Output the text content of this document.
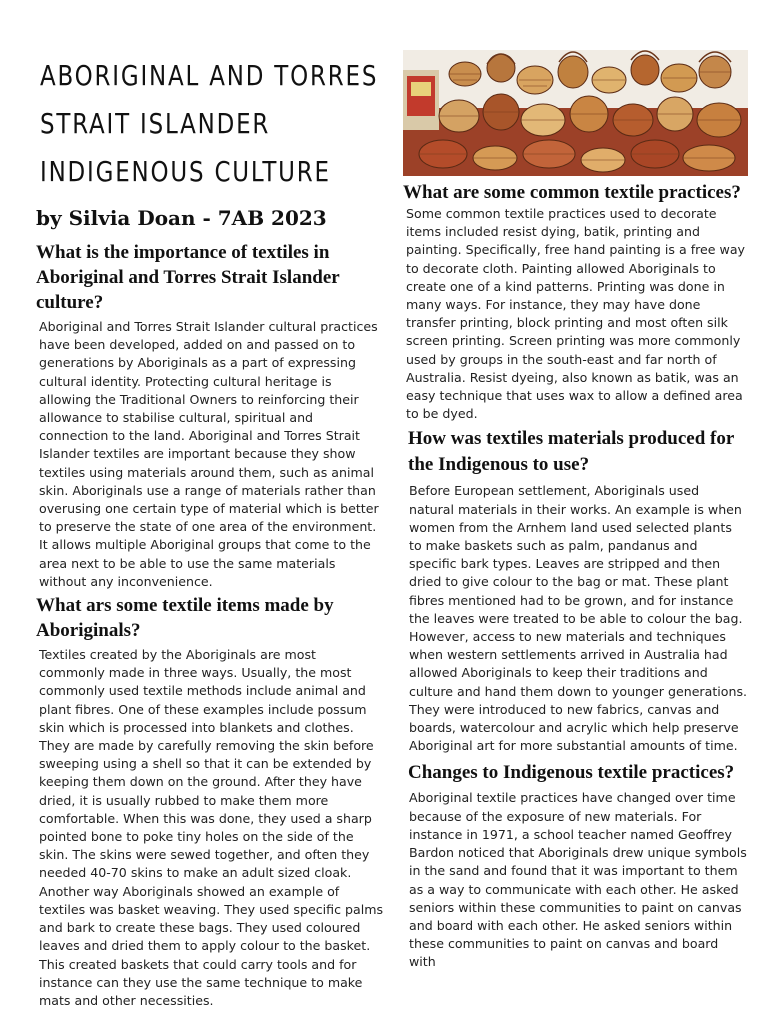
ABORIGINAL AND TORRES
STRAIT ISLANDER
INDIGENOUS CULTURE
by Silvia Doan - 7AB 2023
What is the importance of textiles in Aboriginal and Torres Strait Islander culture?

Aboriginal and Torres Strait Islander cultural practices have been developed, added on and passed on to generations by Aboriginals as a part of expressing cultural identity. Protecting cultural heritage is allowing the Traditional Owners to reinforcing their allowance to stabilise cultural, spiritual and connection to the land. Aboriginal and Torres Strait Islander textiles are important because they show textiles using materials around them, such as animal skin. Aboriginals use a range of materials rather than overusing one certain type of material which is better to preserve the state of one area of the environment. It allows multiple Aboriginal groups that come to the area next to be able to use the same materials without any inconvenience.

What ars some textile items made by Aboriginals?

Textiles created by the Aboriginals are most commonly made in three ways. Usually, the most commonly used textile methods include animal and plant fibres. One of these examples include possum skin which is processed into blankets and clothes. They are made by carefully removing the skin before sweeping using a shell so that it can be extended by keeping them down on the ground. After they have dried, it is usually rubbed to make them more comfortable. When this was done, they used a sharp pointed bone to poke tiny holes on the side of the skin. The skins were sewed together, and often they needed 40-70 skins to make an adult sized cloak. Another way Aboriginals showed an example of textiles was basket weaving. They used specific palms and bark to create these bags. They used coloured leaves and dried them to apply colour to the basket. This created baskets that could carry tools and for instance can they use the same technique to make mats and other necessities.

What are some common textile practices?

Some common textile practices used to decorate items included resist dying, batik, printing and painting. Specifically, free hand painting is a free way to decorate cloth. Painting allowed Aboriginals to create one of a kind patterns. Printing was done in many ways. For instance, they may have done transfer printing, block printing and most often silk screen printing. Screen printing was more commonly used by groups in the south-east and far north of Australia. Resist dyeing, also known as batik, was an easy technique that uses wax to allow a defined area to be dyed.

How was textiles materials produced for the Indigenous to use?

Before European settlement, Aboriginals used natural materials in their works. An example is when women from the Arnhem land used selected plants to make baskets such as palm, pandanus and specific bark types. Leaves are stripped and then dried to give colour to the bag or mat. These plant fibres mentioned had to be grown, and for instance the leaves were treated to be able to colour the bag. However, access to new materials and techniques when western settlements arrived in Australia had allowed Aboriginals to keep their traditions and culture and hand them down to younger generations. They were introduced to new fabrics, canvas and boards, watercolour and acrylic which help preserve Aboriginal art for more substantial amounts of time.

Changes to Indigenous textile practices?

Aboriginal textile practices have changed over time because of the exposure of new materials. For instance in 1971, a school teacher named Geoffrey Bardon noticed that Aboriginals drew unique symbols in the sand and found that it was important to them as a way to communicate with each other. He asked seniors within these communities to paint on canvas and board with each other. He asked seniors within these communities to paint on canvas and board with
